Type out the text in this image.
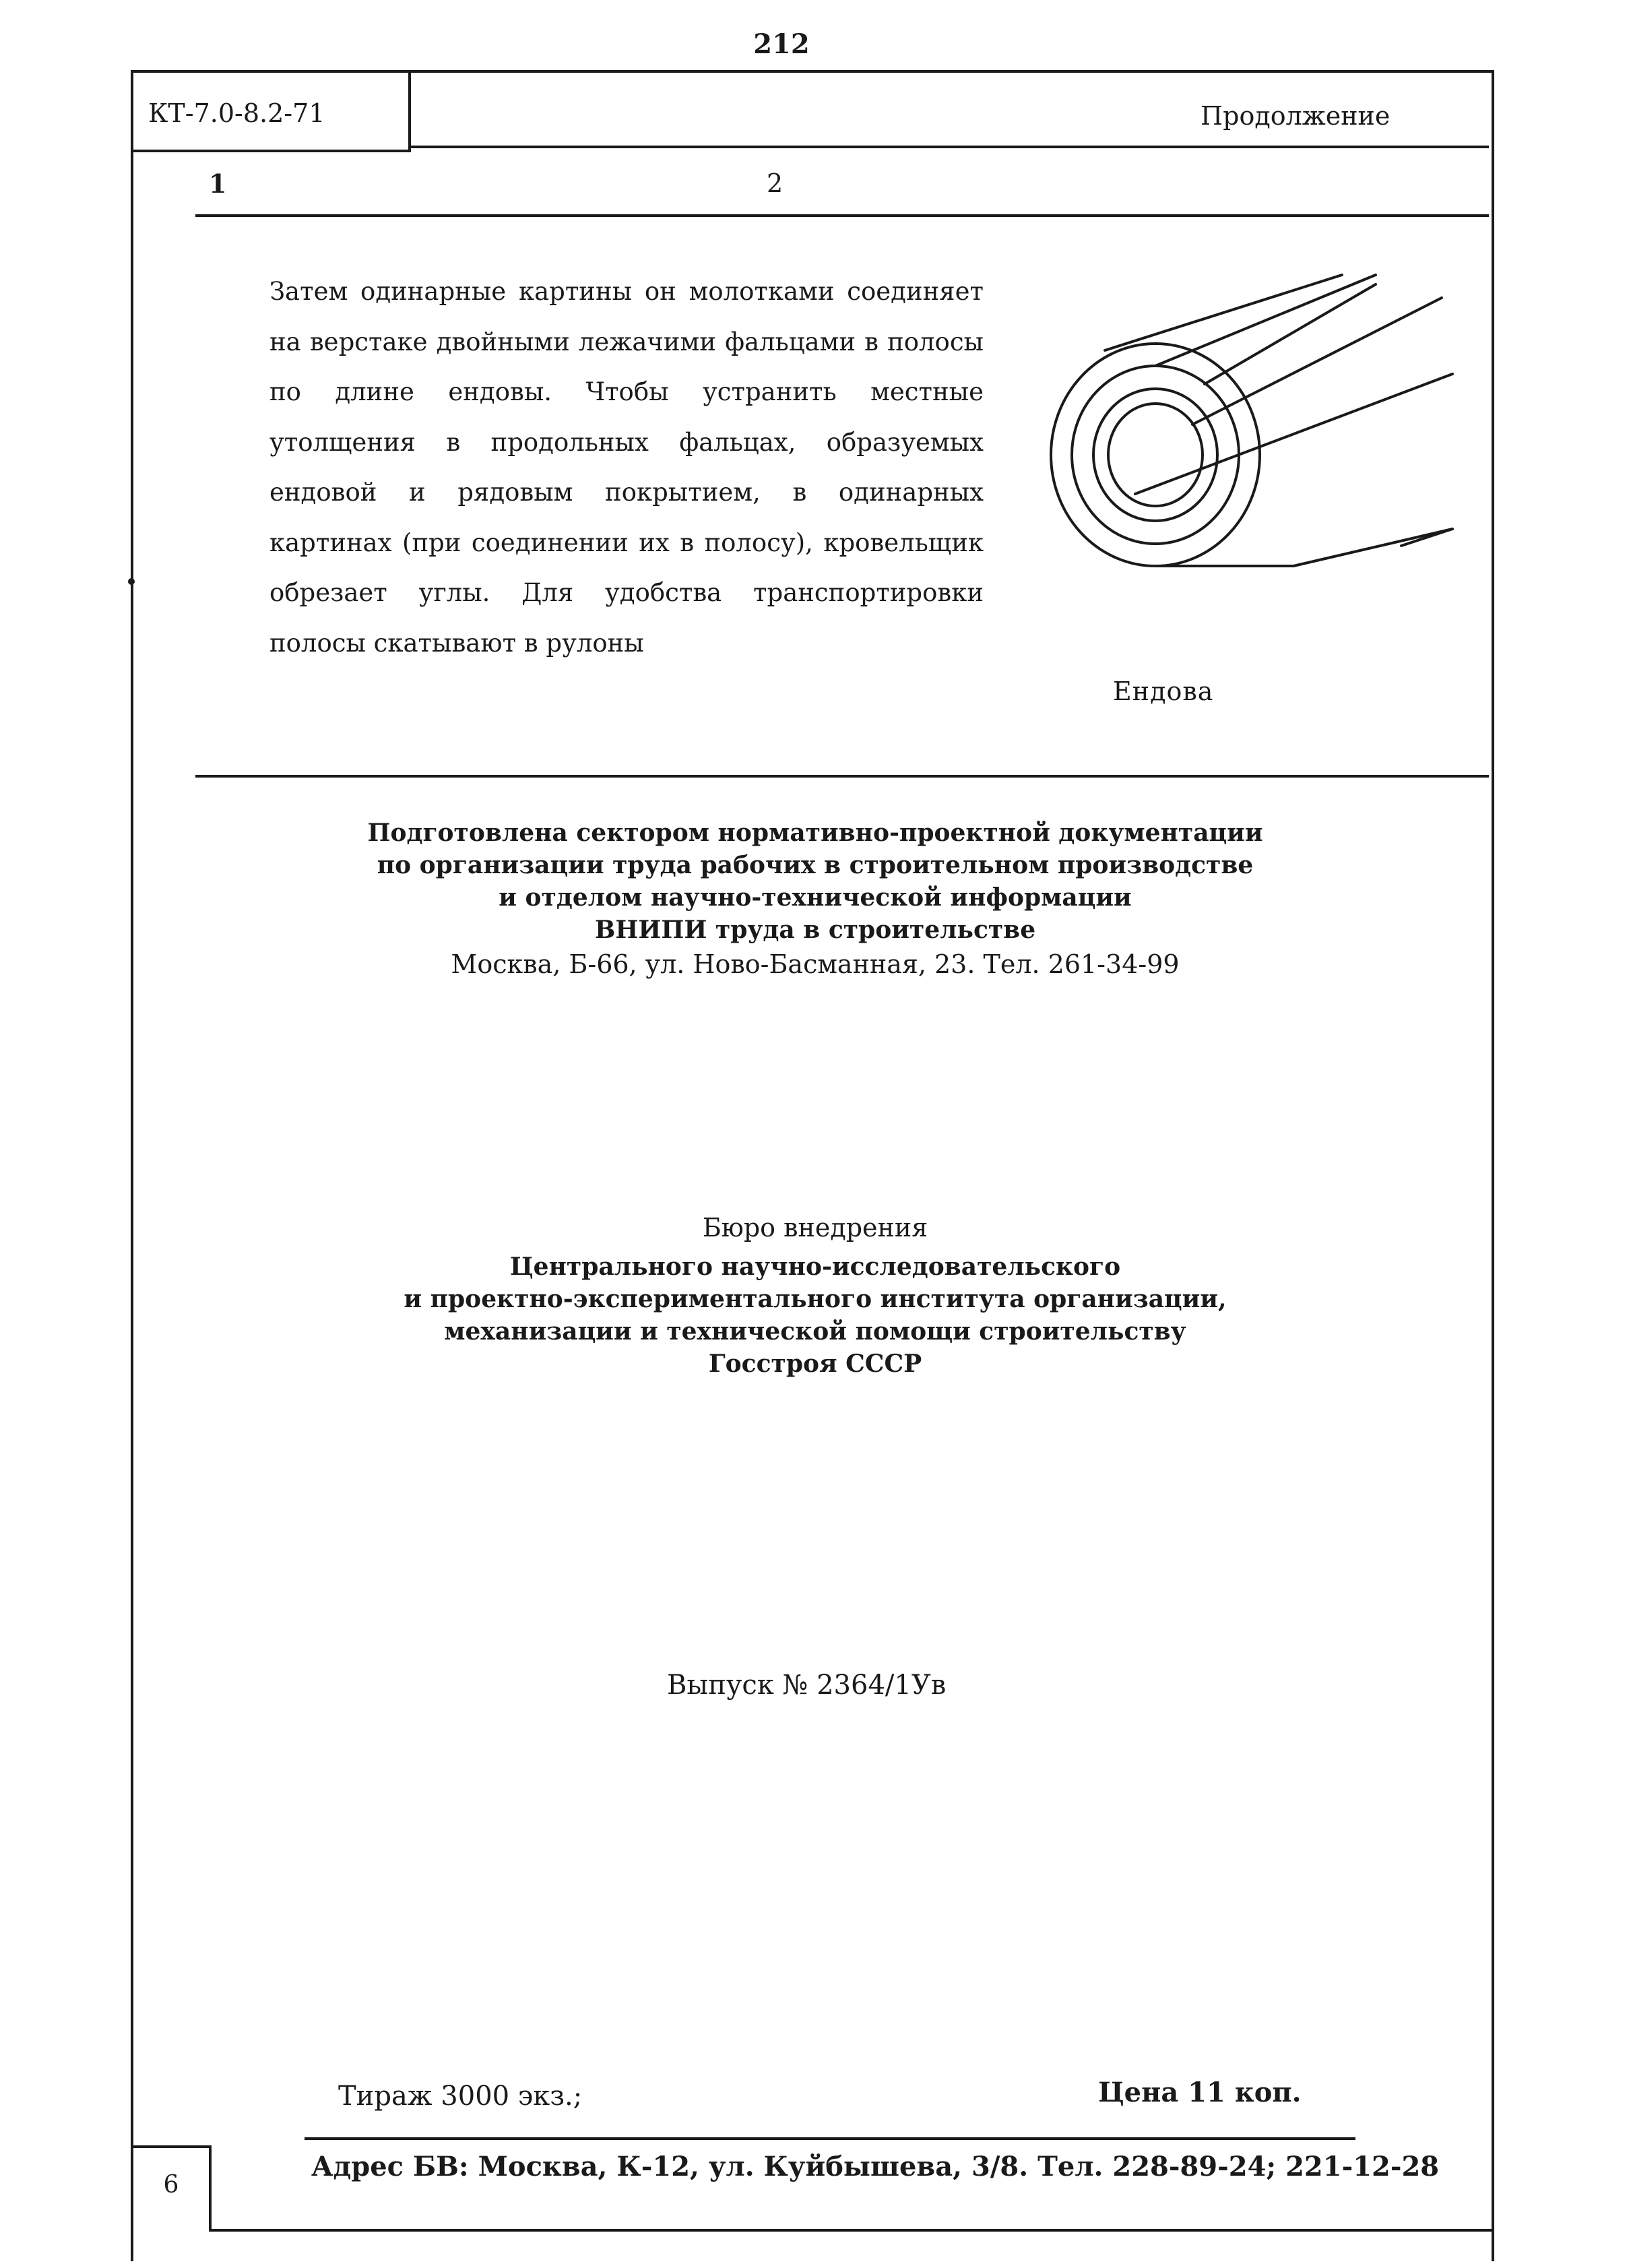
212
КТ-7.0-8.2-71	Продолжение
1	2
Затем одинарные картины он молотками соединяет на верстаке двойными лежачими фальцами в полосы по длине ендовы. Чтобы устранить местные утолщения в продольных фальцах, образуемых ендовой и рядовым покрытием, в одинарных картинах (при соединении их в полосу), кровельщик обрезает углы. Для удобства транспортировки полосы скатывают в рулоны
Ендова
Подготовлена сектором нормативно-проектной документации
по организации труда рабочих в строительном производстве
и отделом научно-технической информации
ВНИПИ труда в строительстве
Москва, Б-66, ул. Ново-Басманная, 23. Тел. 261-34-99
Бюро внедрения
Центрального научно-исследовательского
и проектно-экспериментального института организации,
механизации и технической помощи строительству
Госстроя СССР
Выпуск № 2364/1Ув
Тираж 3000 экз.;	Цена 11 коп.
Адрес БВ: Москва, К-12, ул. Куйбышева, 3/8. Тел. 228-89-24; 221-12-28
6
